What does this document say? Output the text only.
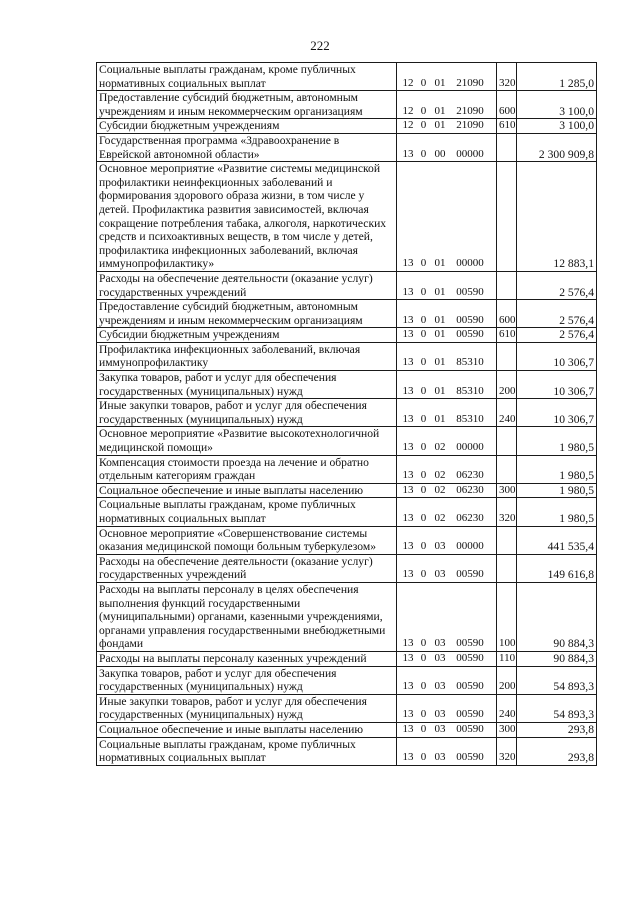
222
Социальные выплаты гражданам, кроме публичных нормативных социальных выплат	12 0 01 21090	320	1 285,0
Предоставление субсидий бюджетным, автономным учреждениям и иным некоммерческим организациям	12 0 01 21090	600	3 100,0
Субсидии бюджетным учреждениям	12 0 01 21090	610	3 100,0
Государственная программа «Здравоохранение в Еврейской автономной области»	13 0 00 00000		2 300 909,8
Основное мероприятие «Развитие системы медицинской профилактики неинфекционных заболеваний и формирования здорового образа жизни, в том числе у детей. Профилактика развития зависимостей, включая сокращение потребления табака, алкоголя, наркотических средств и психоактивных веществ, в том числе у детей, профилактика инфекционных заболеваний, включая иммунопрофилактику»	13 0 01 00000		12 883,1
Расходы на обеспечение деятельности (оказание услуг) государственных учреждений	13 0 01 00590		2 576,4
Предоставление субсидий бюджетным, автономным учреждениям и иным некоммерческим организациям	13 0 01 00590	600	2 576,4
Субсидии бюджетным учреждениям	13 0 01 00590	610	2 576,4
Профилактика инфекционных заболеваний, включая иммунопрофилактику	13 0 01 85310		10 306,7
Закупка товаров, работ и услуг для обеспечения государственных (муниципальных) нужд	13 0 01 85310	200	10 306,7
Иные закупки товаров, работ и услуг для обеспечения государственных (муниципальных) нужд	13 0 01 85310	240	10 306,7
Основное мероприятие «Развитие высокотехнологичной медицинской помощи»	13 0 02 00000		1 980,5
Компенсация стоимости проезда на лечение и обратно отдельным категориям граждан	13 0 02 06230		1 980,5
Социальное обеспечение и иные выплаты населению	13 0 02 06230	300	1 980,5
Социальные выплаты гражданам, кроме публичных нормативных социальных выплат	13 0 02 06230	320	1 980,5
Основное мероприятие «Совершенствование системы оказания медицинской помощи больным туберкулезом»	13 0 03 00000		441 535,4
Расходы на обеспечение деятельности (оказание услуг) государственных учреждений	13 0 03 00590		149 616,8
Расходы на выплаты персоналу в целях обеспечения выполнения функций государственными (муниципальными) органами, казенными учреждениями, органами управления государственными внебюджетными фондами	13 0 03 00590	100	90 884,3
Расходы на выплаты персоналу казенных учреждений	13 0 03 00590	110	90 884,3
Закупка товаров, работ и услуг для обеспечения государственных (муниципальных) нужд	13 0 03 00590	200	54 893,3
Иные закупки товаров, работ и услуг для обеспечения государственных (муниципальных) нужд	13 0 03 00590	240	54 893,3
Социальное обеспечение и иные выплаты населению	13 0 03 00590	300	293,8
Социальные выплаты гражданам, кроме публичных нормативных социальных выплат	13 0 03 00590	320	293,8
